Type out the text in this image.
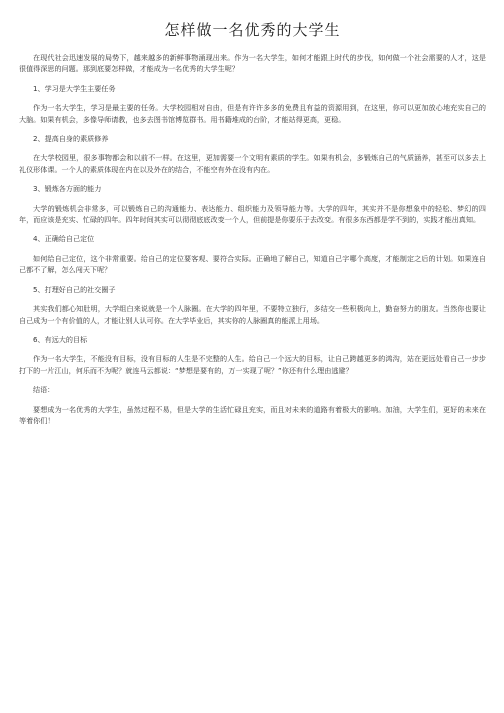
怎样做一名优秀的大学生

在现代社会迅速发展的局势下，越来越多的新鲜事物涌现出来。作为一名大学生，如何才能跟上时代的步伐，如何做一个社会需要的人才，这是很值得深思的问题。那到底要怎样做，才能成为一名优秀的大学生呢？

1、学习是大学生主要任务

作为一名大学生，学习是最主要的任务。大学校园相对自由，但是有许许多多的免费且有益的资源用到，在这里，你可以更加放心地充实自己的大脑。如果有机会，多像导师请教，也多去图书馆博览群书。用书籍堆成的台阶，才能站得更高，更稳。

2、提高自身的素质修养

在大学校园里，很多事物都会和以前不一样。在这里，更加需要一个文明有素质的学生。如果有机会，多锻炼自己的气质涵养，甚至可以多去上礼仪形体课。一个人的素质体现在内在以及外在的结合，不能空有外在没有内在。

3、锻炼各方面的能力

大学的锻炼机会非常多，可以锻炼自己的沟通能力、表达能力、组织能力及领导能力等。大学的四年，其实并不是你想象中的轻松、梦幻的四年，而应该是充实、忙碌的四年。四年时间其实可以彻彻底底改变一个人，但前提是你要乐于去改变。有很多东西都是学不到的，实践才能出真知。

4、正确给自己定位

如何给自己定位，这个非常重要。给自己的定位要客观、要符合实际。正确地了解自己，知道自己字哪个高度，才能制定之后的计划。如果连自己都不了解，怎么闯天下呢？

5、打理好自己的社交圈子

其实我们都心知肚明，大学组白来说就是一个人脉圈。在大学的四年里，不要特立独行，多结交一些积极向上，勤奋努力的朋友。当然你也要让自己成为一个有价值的人，才能让别人认可你。在大学毕业后，其实你的人脉圈真的能派上用场。

6、有远大的目标

作为一名大学生，不能没有目标，没有目标的人生是不完整的人生。给自己一个远大的目标，让自己跨越更多的鸿沟，站在更远处看自己一步步打下的一片江山，何乐而不为呢？就连马云都说：“梦想是要有的，万一实现了呢？”你还有什么理由逃避？

结语：

要想成为一名优秀的大学生，虽然过程不易，但是大学的生活忙碌且充实，而且对未来的道路有着极大的影响。加油，大学生们，更好的未来在等着你们！
